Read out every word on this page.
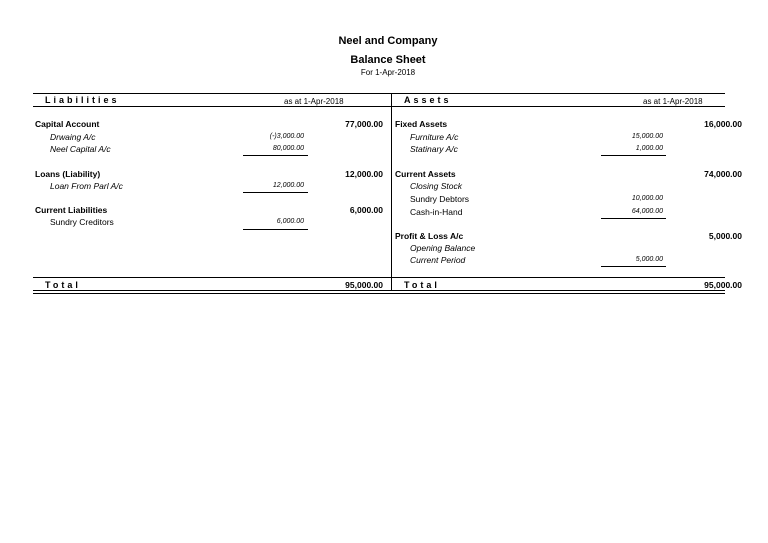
Neel and Company
Balance Sheet
For 1-Apr-2018
Liabilities	as at 1-Apr-2018	Assets	as at 1-Apr-2018
Capital Account	77,000.00
Drwaing A/c	(-)3,000.00
Neel Capital A/c	80,000.00
Loans (Liability)	12,000.00
Loan From Parl A/c	12,000.00
Current Liabilities	6,000.00
Sundry Creditors	6,000.00
Fixed Assets	16,000.00
Furniture A/c	15,000.00
Statinary A/c	1,000.00
Current Assets	74,000.00
Closing Stock
Sundry Debtors	10,000.00
Cash-in-Hand	64,000.00
Profit & Loss A/c	5,000.00
Opening Balance
Current Period	5,000.00
Total	95,000.00 Total	95,000.00
